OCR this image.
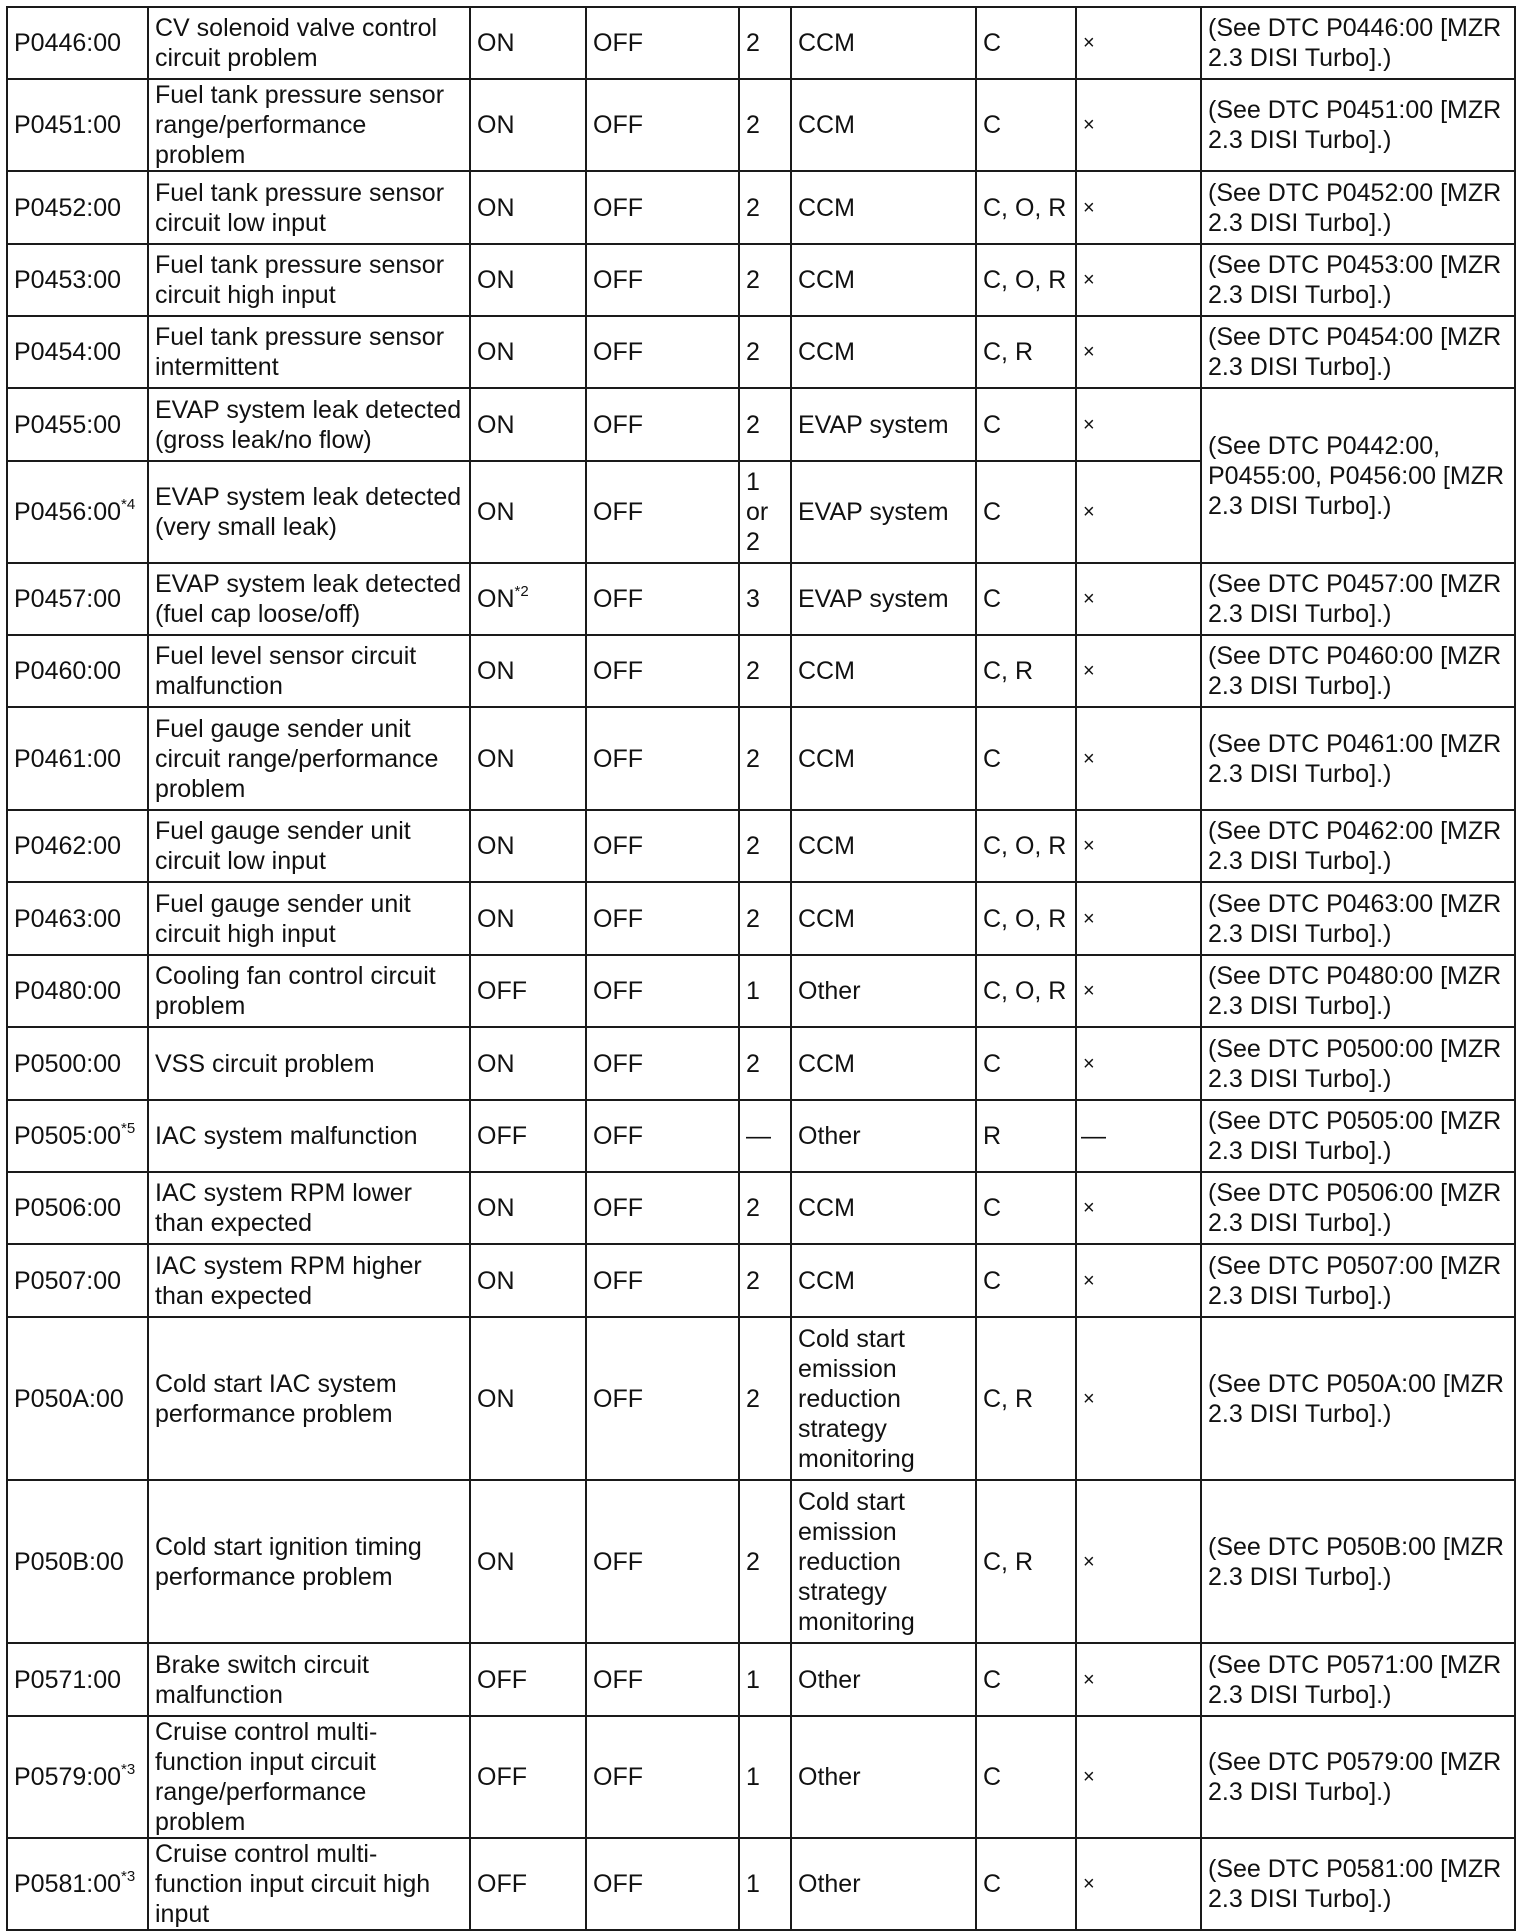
P0446:00	CV solenoid valve control circuit problem	ON	OFF	2	CCM	C	×	(See DTC P0446:00 [MZR 2.3 DISI Turbo].)
P0451:00	Fuel tank pressure sensor range/performance problem	ON	OFF	2	CCM	C	×	(See DTC P0451:00 [MZR 2.3 DISI Turbo].)
P0452:00	Fuel tank pressure sensor circuit low input	ON	OFF	2	CCM	C, O, R	×	(See DTC P0452:00 [MZR 2.3 DISI Turbo].)
P0453:00	Fuel tank pressure sensor circuit high input	ON	OFF	2	CCM	C, O, R	×	(See DTC P0453:00 [MZR 2.3 DISI Turbo].)
P0454:00	Fuel tank pressure sensor intermittent	ON	OFF	2	CCM	C, R	×	(See DTC P0454:00 [MZR 2.3 DISI Turbo].)
P0455:00	EVAP system leak detected (gross leak/no flow)	ON	OFF	2	EVAP system	C	×	(See DTC P0442:00, P0455:00, P0456:00 [MZR 2.3 DISI Turbo].)
P0456:00$^{*4}$	EVAP system leak detected (very small leak)	ON	OFF	1 or 2	EVAP system	C	×	
P0457:00	EVAP system leak detected (fuel cap loose/off)	ON$^{*2}$	OFF	3	EVAP system	C	×	(See DTC P0457:00 [MZR 2.3 DISI Turbo].)
P0460:00	Fuel level sensor circuit malfunction	ON	OFF	2	CCM	C, R	×	(See DTC P0460:00 [MZR 2.3 DISI Turbo].)
P0461:00	Fuel gauge sender unit circuit range/performance problem	ON	OFF	2	CCM	C	×	(See DTC P0461:00 [MZR 2.3 DISI Turbo].)
P0462:00	Fuel gauge sender unit circuit low input	ON	OFF	2	CCM	C, O, R	×	(See DTC P0462:00 [MZR 2.3 DISI Turbo].)
P0463:00	Fuel gauge sender unit circuit high input	ON	OFF	2	CCM	C, O, R	×	(See DTC P0463:00 [MZR 2.3 DISI Turbo].)
P0480:00	Cooling fan control circuit problem	OFF	OFF	1	Other	C, O, R	×	(See DTC P0480:00 [MZR 2.3 DISI Turbo].)
P0500:00	VSS circuit problem	ON	OFF	2	CCM	C	×	(See DTC P0500:00 [MZR 2.3 DISI Turbo].)
P0505:00$^{*5}$	IAC system malfunction	OFF	OFF	—	Other	R	—	(See DTC P0505:00 [MZR 2.3 DISI Turbo].)
P0506:00	IAC system RPM lower than expected	ON	OFF	2	CCM	C	×	(See DTC P0506:00 [MZR 2.3 DISI Turbo].)
P0507:00	IAC system RPM higher than expected	ON	OFF	2	CCM	C	×	(See DTC P0507:00 [MZR 2.3 DISI Turbo].)
P050A:00	Cold start IAC system performance problem	ON	OFF	2	Cold start emission reduction strategy monitoring	C, R	×	(See DTC P050A:00 [MZR 2.3 DISI Turbo].)
P050B:00	Cold start ignition timing performance problem	ON	OFF	2	Cold start emission reduction strategy monitoring	C, R	×	(See DTC P050B:00 [MZR 2.3 DISI Turbo].)
P0571:00	Brake switch circuit malfunction	OFF	OFF	1	Other	C	×	(See DTC P0571:00 [MZR 2.3 DISI Turbo].)
P0579:00$^{*3}$	Cruise control multi-function input circuit range/performance problem	OFF	OFF	1	Other	C	×	(See DTC P0579:00 [MZR 2.3 DISI Turbo].)
P0581:00$^{*3}$	Cruise control multi-function input circuit high input	OFF	OFF	1	Other	C	×	(See DTC P0581:00 [MZR 2.3 DISI Turbo].)
